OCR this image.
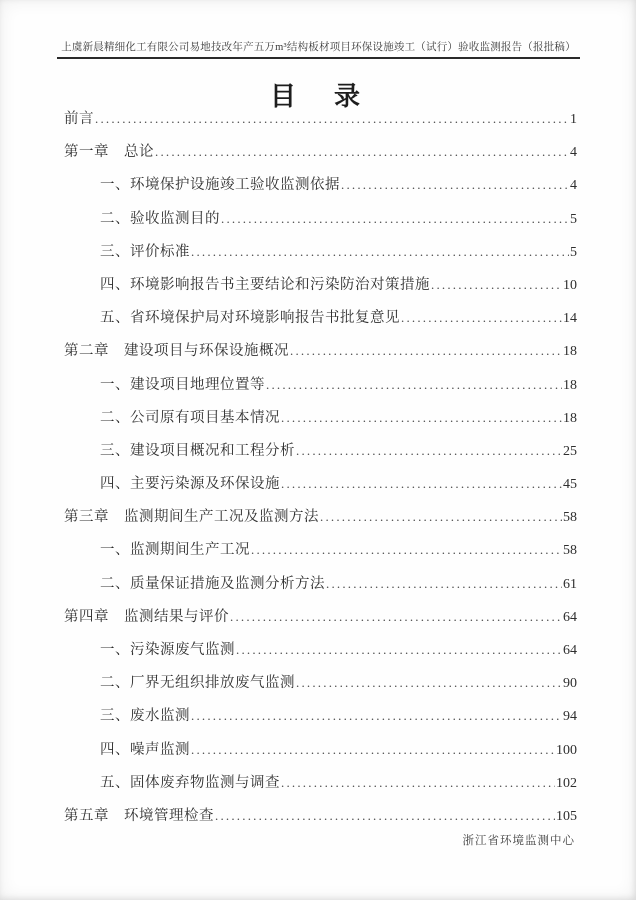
上虞新晨精细化工有限公司易地技改年产五万m³结构板材项目环保设施竣工（试行）验收监测报告（报批稿）
目　录
前言 .....	1
第一章　总论 .....	4
一、环境保护设施竣工验收监测依据 .....	4
二、验收监测目的 .....	5
三、评价标准 .....	5
四、环境影响报告书主要结论和污染防治对策措施 .....	10
五、省环境保护局对环境影响报告书批复意见 .....	14
第二章　建设项目与环保设施概况 .....	18
一、建设项目地理位置等 .....	18
二、公司原有项目基本情况 .....	18
三、建设项目概况和工程分析 .....	25
四、主要污染源及环保设施 .....	45
第三章　监测期间生产工况及监测方法 .....	58
一、监测期间生产工况 .....	58
二、质量保证措施及监测分析方法 .....	61
第四章　监测结果与评价 .....	64
一、污染源废气监测 .....	64
二、厂界无组织排放废气监测 .....	90
三、废水监测 .....	94
四、噪声监测 .....	100
五、固体废弃物监测与调查 .....	102
第五章　环境管理检查 .....	105
浙江省环境监测中心
